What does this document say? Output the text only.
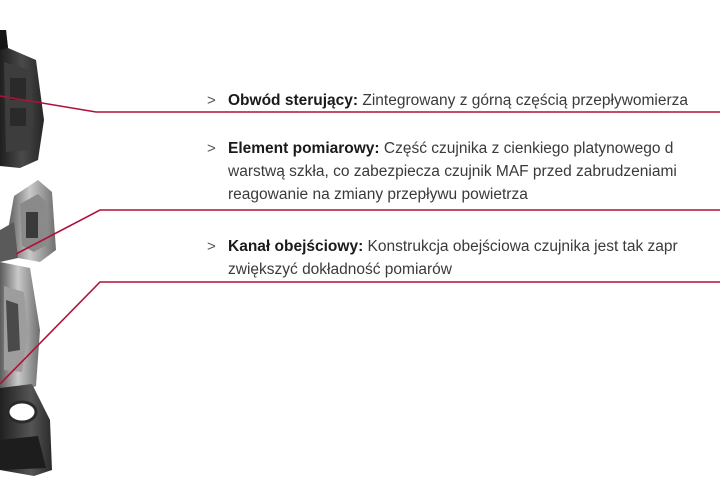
> Obwód sterujący: Zintegrowany z górną częścią przepływomierza
> Element pomiarowy: Część czujnika z cienkiego platynowego d
warstwą szkła, co zabezpiecza czujnik MAF przed zabrudzeniami
reagowanie na zmiany przepływu powietrza
> Kanał obejściowy: Konstrukcja obejściowa czujnika jest tak zapr
zwiększyć dokładność pomiarów
